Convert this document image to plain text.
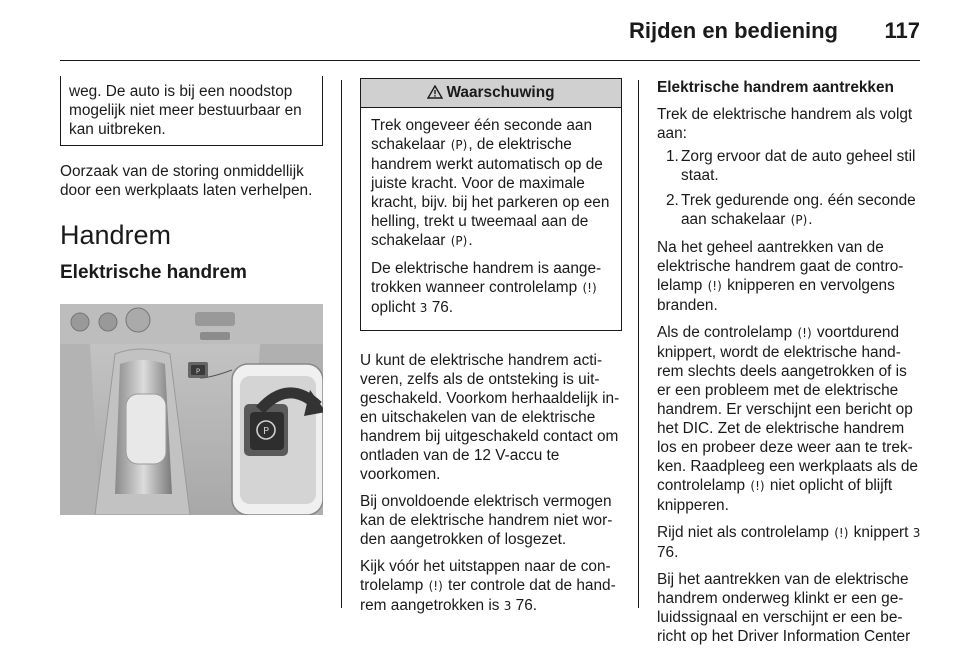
Rijden en bediening 117

weg. De auto is bij een noodstop mogelijk niet meer bestuurbaar en kan uitbreken.

Oorzaak van de storing onmiddellijk door een werkplaats laten verhelpen.

Handrem
Elektrische handrem
P
P
Waarschuwing

Trek ongeveer één seconde aan schakelaar (P), de elektrische handrem werkt automatisch op de juiste kracht. Voor de maximale kracht, bijv. bij het parkeren op een helling, trekt u tweemaal aan de schakelaar (P).

De elektrische handrem is aange-trokken wanneer controlelamp (!) oplicht 3 76.

U kunt de elektrische handrem acti-veren, zelfs als de ontsteking is uit-geschakeld. Voorkom herhaaldelijk in- en uitschakelen van de elektrische handrem bij uitgeschakeld contact om ontladen van de 12 V-accu te voorkomen.

Bij onvoldoende elektrisch vermogen kan de elektrische handrem niet wor-den aangetrokken of losgezet.

Kijk vóór het uitstappen naar de con-trolelamp (!) ter controle dat de hand-rem aangetrokken is 3 76.

Elektrische handrem aantrekken

Trek de elektrische handrem als volgt aan:

1. Zorg ervoor dat de auto geheel stil staat.
2. Trek gedurende ong. één seconde aan schakelaar (P).

Na het geheel aantrekken van de elektrische handrem gaat de contro-lelamp (!) knipperen en vervolgens branden.

Als de controlelamp (!) voortdurend knippert, wordt de elektrische hand-rem slechts deels aangetrokken of is er een probleem met de elektrische handrem. Er verschijnt een bericht op het DIC. Zet de elektrische handrem los en probeer deze weer aan te trek-ken. Raadpleeg een werkplaats als de controlelamp (!) niet oplicht of blijft knipperen.

Rijd niet als controlelamp (!) knippert 3 76.

Bij het aantrekken van de elektrische handrem onderweg klinkt er een ge-luidssignaal en verschijnt er een be-richt op het Driver Information Center
